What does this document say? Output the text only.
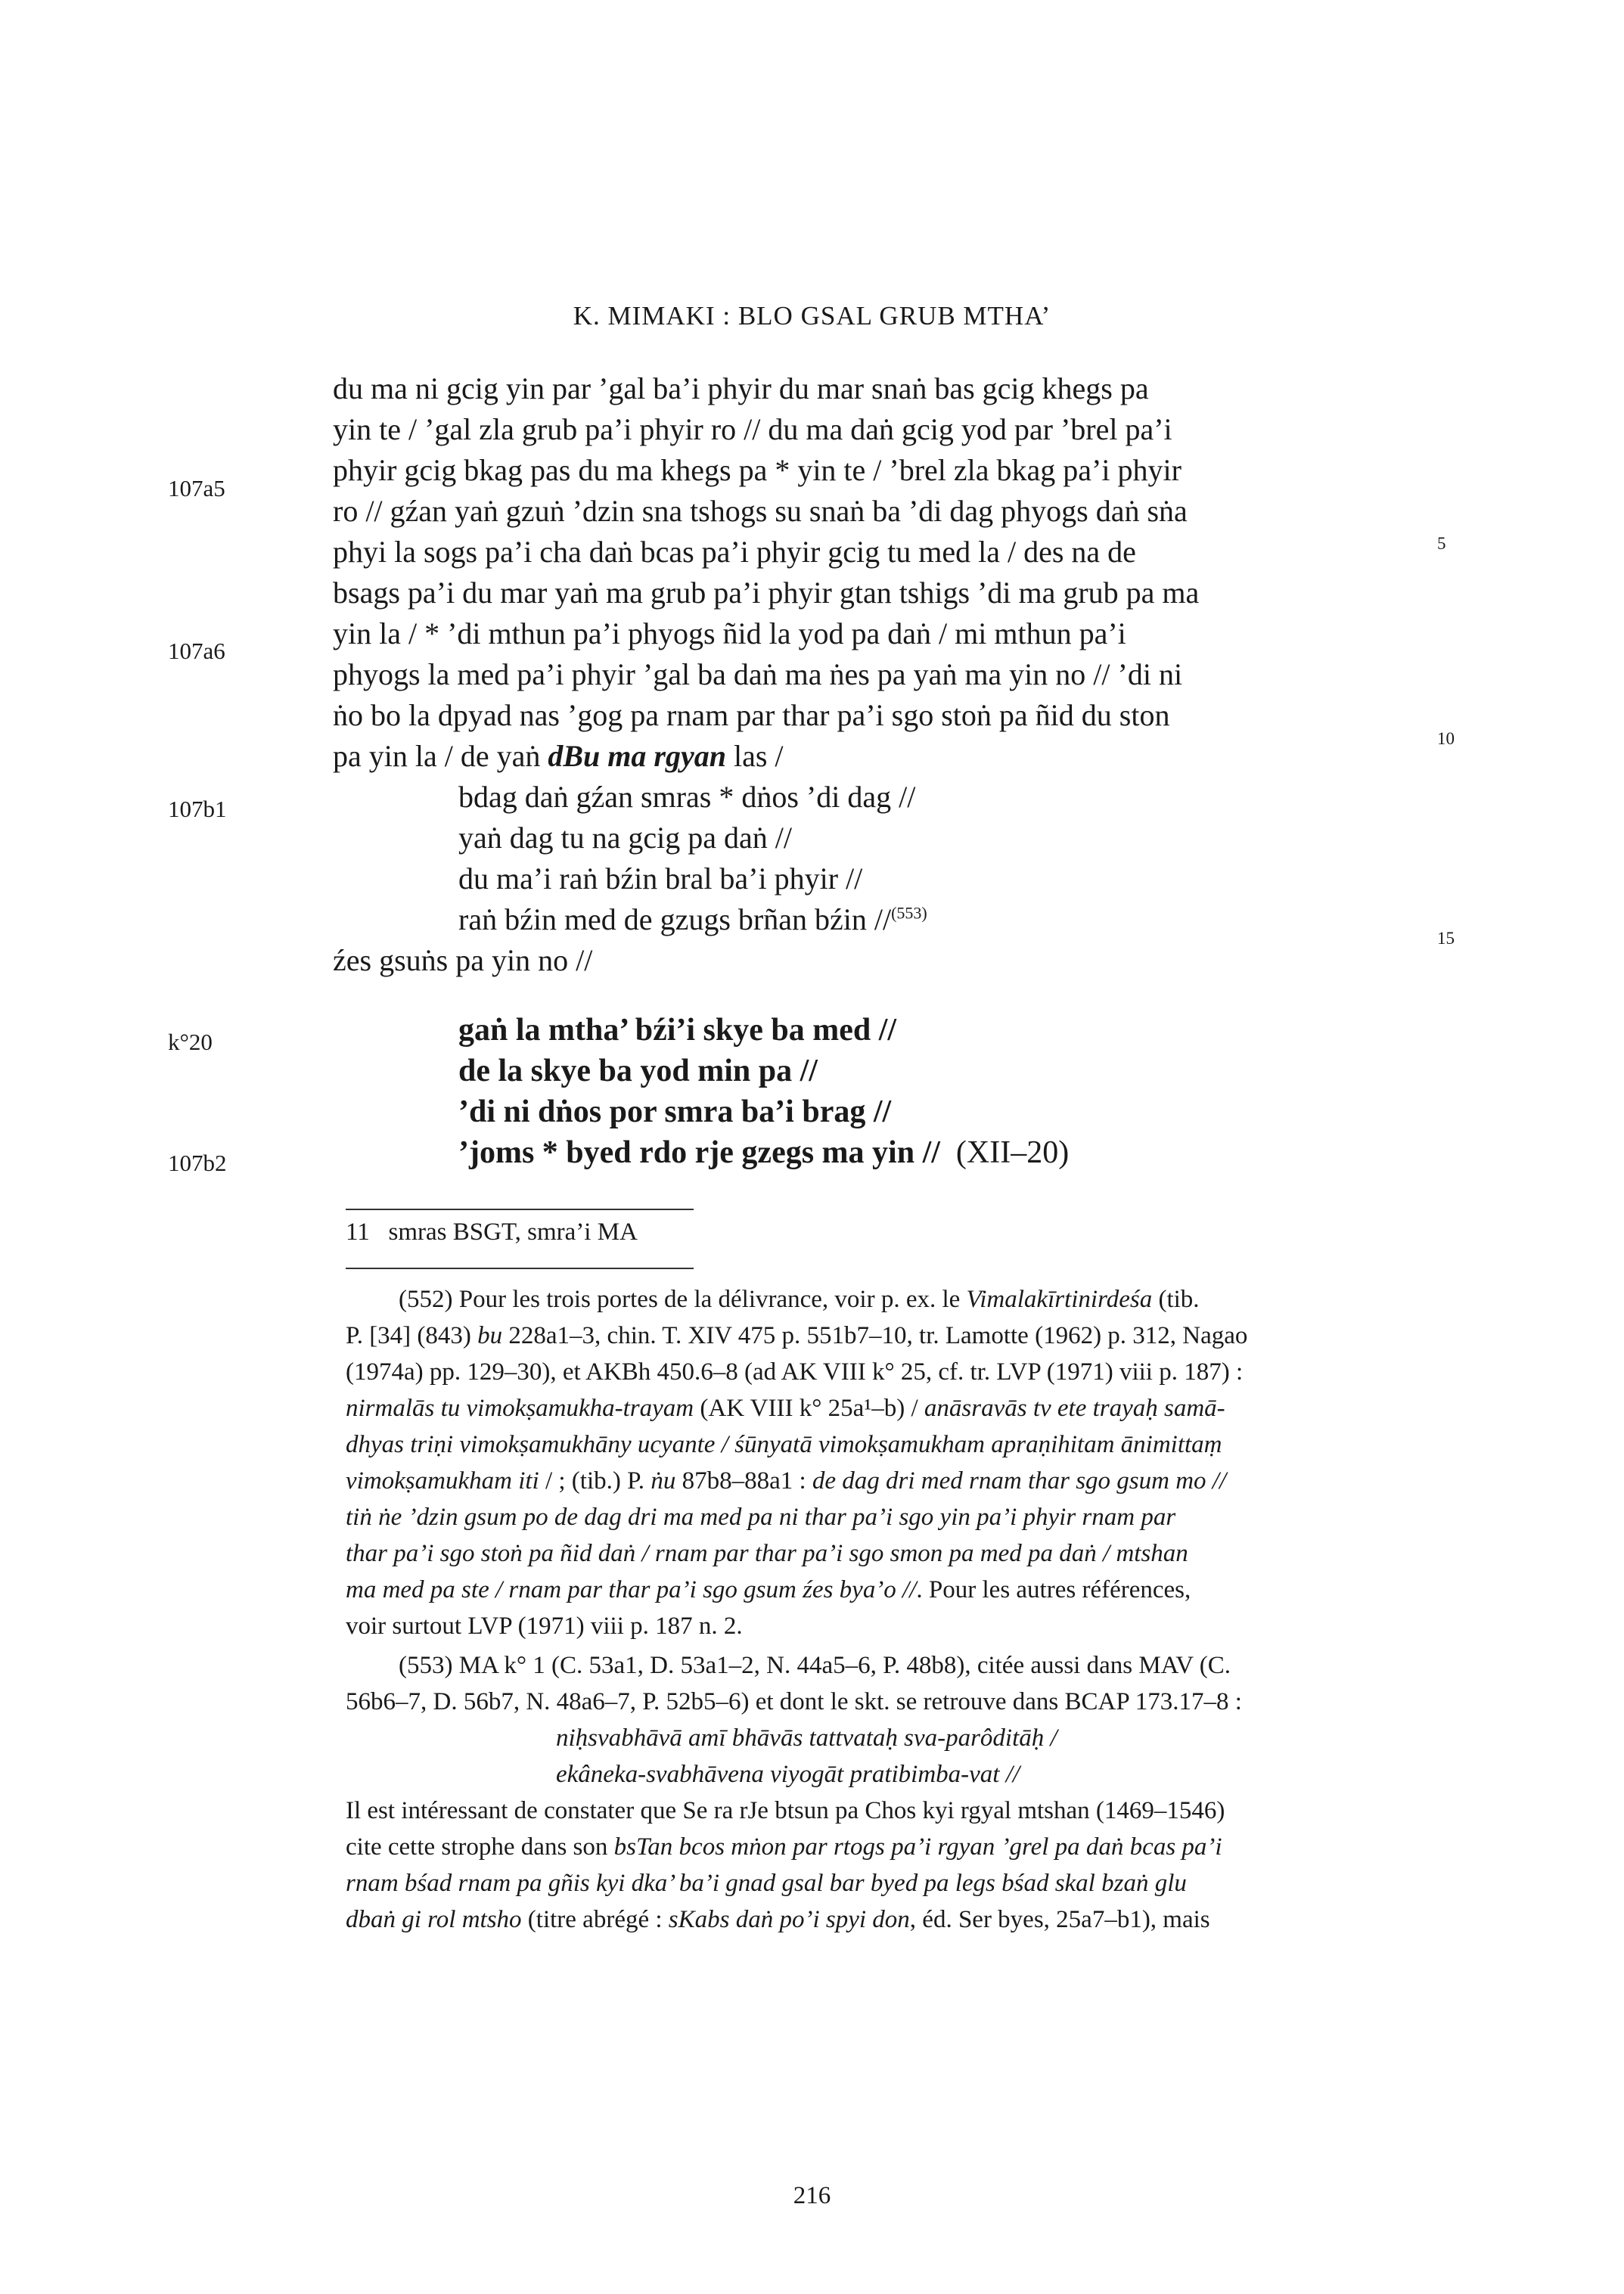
K. MIMAKI : BLO GSAL GRUB MTHA’
107a5
107a6
107b1
k°20
107b2
5
10
15
du ma ni gcig yin par ’gal ba’i phyir du mar snaṅ bas gcig khegs pa
yin te / ’gal zla grub pa’i phyir ro // du ma daṅ gcig yod par ’brel pa’i
phyir gcig bkag pas du ma khegs pa * yin te / ’brel zla bkag pa’i phyir
ro // gźan yaṅ gzuṅ ’dzin sna tshogs su snaṅ ba ’di dag phyogs daṅ sṅa
phyi la sogs pa’i cha daṅ bcas pa’i phyir gcig tu med la / des na de
bsags pa’i du mar yaṅ ma grub pa’i phyir gtan tshigs ’di ma grub pa ma
yin la / * ’di mthun pa’i phyogs ñid la yod pa daṅ / mi mthun pa’i
phyogs la med pa’i phyir ’gal ba daṅ ma ṅes pa yaṅ ma yin no // ’di ni
ṅo bo la dpyad nas ’gog pa rnam par thar pa’i sgo stoṅ pa ñid du ston
pa yin la / de yaṅ dBu ma rgyan las /
bdag daṅ gźan smras * dṅos ’di dag //
yaṅ dag tu na gcig pa daṅ //
du ma’i raṅ bźin bral ba’i phyir //
raṅ bźin med de gzugs brñan bźin //$^{(553)}$
źes gsuṅs pa yin no //
gaṅ la mtha’ bźi’i skye ba med //
de la skye ba yod min pa //
’di ni dṅos por smra ba’i brag //
’joms * byed rdo rje gzegs ma yin // (XII–20)
11   smras BSGT, smra’i MA
(552) Pour les trois portes de la délivrance, voir p. ex. le Vimalakīrtinirdeśa (tib.
P. [34] (843) bu 228a1–3, chin. T. XIV 475 p. 551b7–10, tr. Lamotte (1962) p. 312, Nagao
(1974a) pp. 129–30), et AKBh 450.6–8 (ad AK VIII k° 25, cf. tr. LVP (1971) viii p. 187) :
nirmalās tu vimokṣamukha-trayam (AK VIII k° 25a¹–b) / anāsravās tv ete trayaḥ samā-
dhyas triṇi vimokṣamukhāny ucyante / śūnyatā vimokṣamukham apraṇihitam ānimittaṃ
vimokṣamukham iti / ; (tib.) P. ṅu 87b8–88a1 : de dag dri med rnam thar sgo gsum mo //
tiṅ ṅe ’dzin gsum po de dag dri ma med pa ni thar pa’i sgo yin pa’i phyir rnam par
thar pa’i sgo stoṅ pa ñid daṅ / rnam par thar pa’i sgo smon pa med pa daṅ / mtshan
ma med pa ste / rnam par thar pa’i sgo gsum źes bya’o //. Pour les autres références,
voir surtout LVP (1971) viii p. 187 n. 2.
(553) MA k° 1 (C. 53a1, D. 53a1–2, N. 44a5–6, P. 48b8), citée aussi dans MAV (C.
56b6–7, D. 56b7, N. 48a6–7, P. 52b5–6) et dont le skt. se retrouve dans BCAP 173.17–8 :
niḥsvabhāvā amī bhāvās tattvataḥ sva-parôditāḥ /
ekâneka-svabhāvena viyogāt pratibimba-vat //
Il est intéressant de constater que Se ra rJe btsun pa Chos kyi rgyal mtshan (1469–1546)
cite cette strophe dans son bsTan bcos mṅon par rtogs pa’i rgyan ’grel pa daṅ bcas pa’i
rnam bśad rnam pa gñis kyi dka’ ba’i gnad gsal bar byed pa legs bśad skal bzaṅ glu
dbaṅ gi rol mtsho (titre abrégé : sKabs daṅ po’i spyi don, éd. Ser byes, 25a7–b1), mais
216
